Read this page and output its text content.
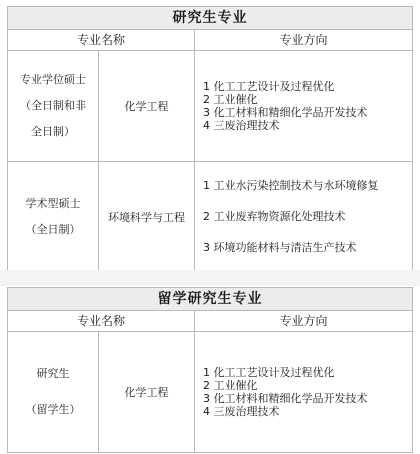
研究生专业
专业名称	专业方向
专业学位硕士
（全日制和非
全日制）
化学工程
1 化工工艺设计及过程优化
2 工业催化
3 化工材料和精细化学品开发技术
4 三废治理技术
学术型硕士
（全日制）
环境科学与工程
1 工业水污染控制技术与水环境修复
2 工业废弃物资源化处理技术
3 环境功能材料与清洁生产技术
留学研究生专业
专业名称	专业方向
研究生
（留学生）
化学工程
1 化工工艺设计及过程优化
2 工业催化
3 化工材料和精细化学品开发技术
4 三废治理技术
